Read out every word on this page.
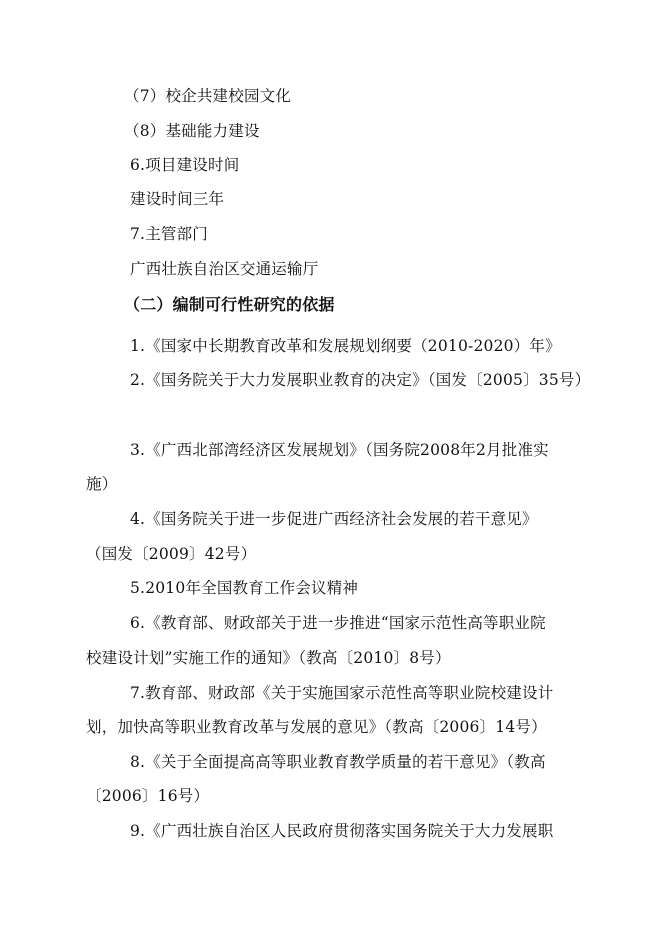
（7）校企共建校园文化
（8）基础能力建设
6.项目建设时间
建设时间三年
7.主管部门
广西壮族自治区交通运输厅
（二）编制可行性研究的依据
1.《国家中长期教育改革和发展规划纲要（2010-2020）年》
2.《国务院关于大力发展职业教育的决定》（国发〔2005〕35号）
3.《广西北部湾经济区发展规划》（国务院2008年2月批准实
施）
4.《国务院关于进一步促进广西经济社会发展的若干意见》
（国发〔2009〕42号）
5.2010年全国教育工作会议精神
6.《教育部、财政部关于进一步推进“国家示范性高等职业院
校建设计划”实施工作的通知》（教高〔2010〕8号）
7.教育部、财政部《关于实施国家示范性高等职业院校建设计
划，加快高等职业教育改革与发展的意见》（教高〔2006〕14号）
8.《关于全面提高高等职业教育教学质量的若干意见》（教高
〔2006〕16号）
9.《广西壮族自治区人民政府贯彻落实国务院关于大力发展职
